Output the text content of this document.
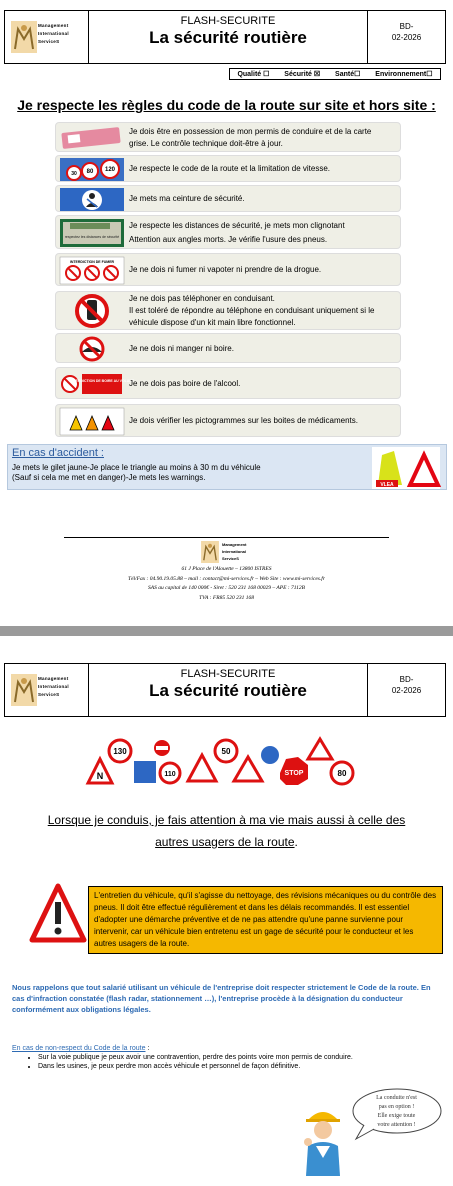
Management
International
ServiceS
FLASH-SECURITE
La sécurité routière
BD-
02-2026
Qualité ☐ Sécurité ☒ Santé☐ Environnement☐
Je respecte les règles du code de la route sur site et hors site :
Je dois être en possession de mon permis de conduire et de la carte
grise. Le contrôle technique doit-être à jour.
30 80 120 Je respecte le code de la route et la limitation de vitesse.
Je mets ma ceinture de sécurité.
respectez les distances de sécurité
Je respecte les distances de sécurité, je mets mon clignotant
Attention aux angles morts. Je vérifie l'usure des pneus.
INTERDICTION DE FUMER
Je ne dois ni fumer ni vapoter ni prendre de la drogue.
Je ne dois pas téléphoner en conduisant.
Il est toléré de répondre au téléphone en conduisant uniquement si le
véhicule dispose d'un kit main libre fonctionnel.
Je ne dois ni manger ni boire.
INTERDICTION DE BOIRE AU VOLANT
Je ne dois pas boire de l'alcool.
Je dois vérifier les pictogrammes sur les boites de médicaments.
En cas d'accident :
Je mets le gilet jaune-Je place le triangle au moins à 30 m du véhicule
(Sauf si cela me met en danger)-Je mets les warnings.
VLEA
Management
International
ServiceS
61 J Place de l'Alouette – 13800 ISTRES
Tél/Fax : 04.90.19.05.88 – mail : contact@mi-services.fr – Web Site : www.mi-services.fr
SAS au capital de 140 000€ - Siret : 520 231 168 00029 – APE : 7112B
TVA : FR85 520 231 168
Management
International
ServiceS
FLASH-SECURITE
La sécurité routière
BD-
02-2026
N
130
110
50
STOP	80
Lorsque je conduis, je fais attention à ma vie mais aussi à celle des
autres usagers de la route.
L'entretien du véhicule, qu'il s'agisse du nettoyage, des révisions mécaniques ou du contrôle des pneus. Il doit être effectué régulièrement et dans les délais recommandés. Il est essentiel d'adopter une démarche préventive et de ne pas attendre qu'une panne survienne pour intervenir, car un véhicule bien entretenu est un gage de sécurité pour le conducteur et les autres usagers de la route.
Nous rappelons que tout salarié utilisant un véhicule de l'entreprise doit respecter strictement le Code de la route. En cas d'infraction constatée (flash radar, stationnement …), l'entreprise procède à la désignation du conducteur conformément aux obligations légales.
En cas de non-respect du Code de la route :
• Sur la voie publique je peux avoir une contravention, perdre des points voire mon permis de conduire.
• Dans les usines, je peux perdre mon accès véhicule et personnel de façon définitive.
La conduite n'est
pas en option !
Elle exige toute
votre attention !
